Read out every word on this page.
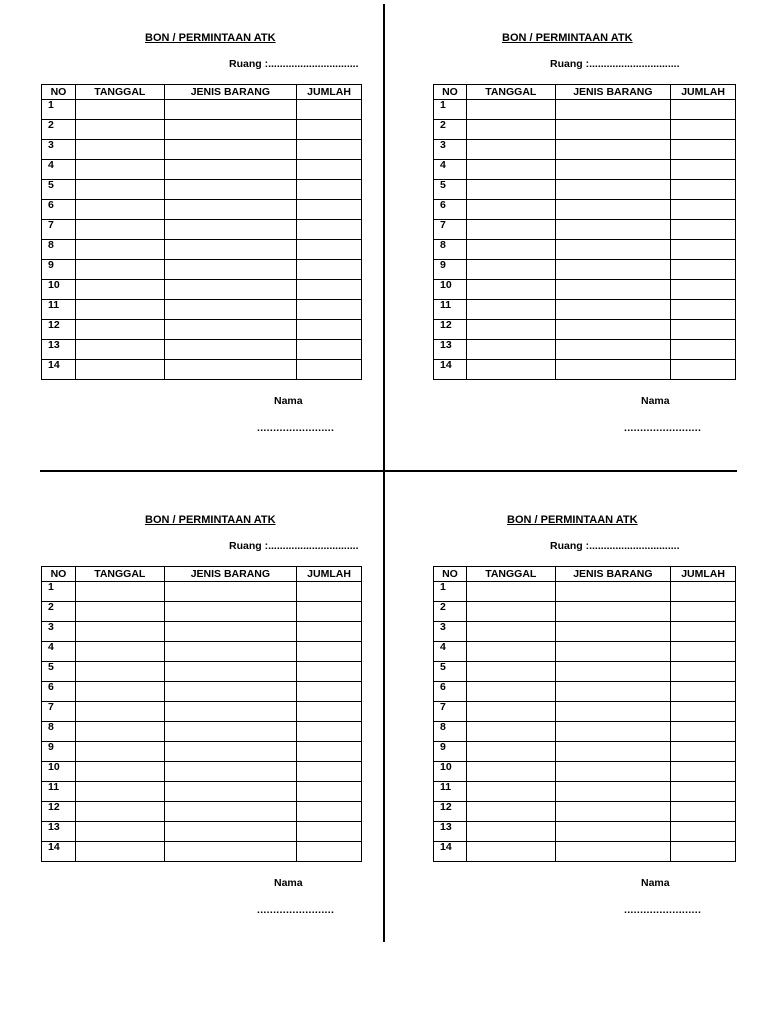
BON / PERMINTAAN ATK
Ruang :...............................
NO	TANGGAL	JENIS BARANG	JUMLAH
1			
2			
3			
4			
5			
6			
7			
8			
9			
10			
11			
12			
13			
14			
Nama
........................
BON / PERMINTAAN ATK
Ruang :...............................
NO	TANGGAL	JENIS BARANG	JUMLAH
1			
2			
3			
4			
5			
6			
7			
8			
9			
10			
11			
12			
13			
14			
Nama
........................
BON / PERMINTAAN ATK
Ruang :...............................
NO	TANGGAL	JENIS BARANG	JUMLAH
1			
2			
3			
4			
5			
6			
7			
8			
9			
10			
11			
12			
13			
14			
Nama
........................
BON / PERMINTAAN ATK
Ruang :...............................
NO	TANGGAL	JENIS BARANG	JUMLAH
1			
2			
3			
4			
5			
6			
7			
8			
9			
10			
11			
12			
13			
14			
Nama
........................
